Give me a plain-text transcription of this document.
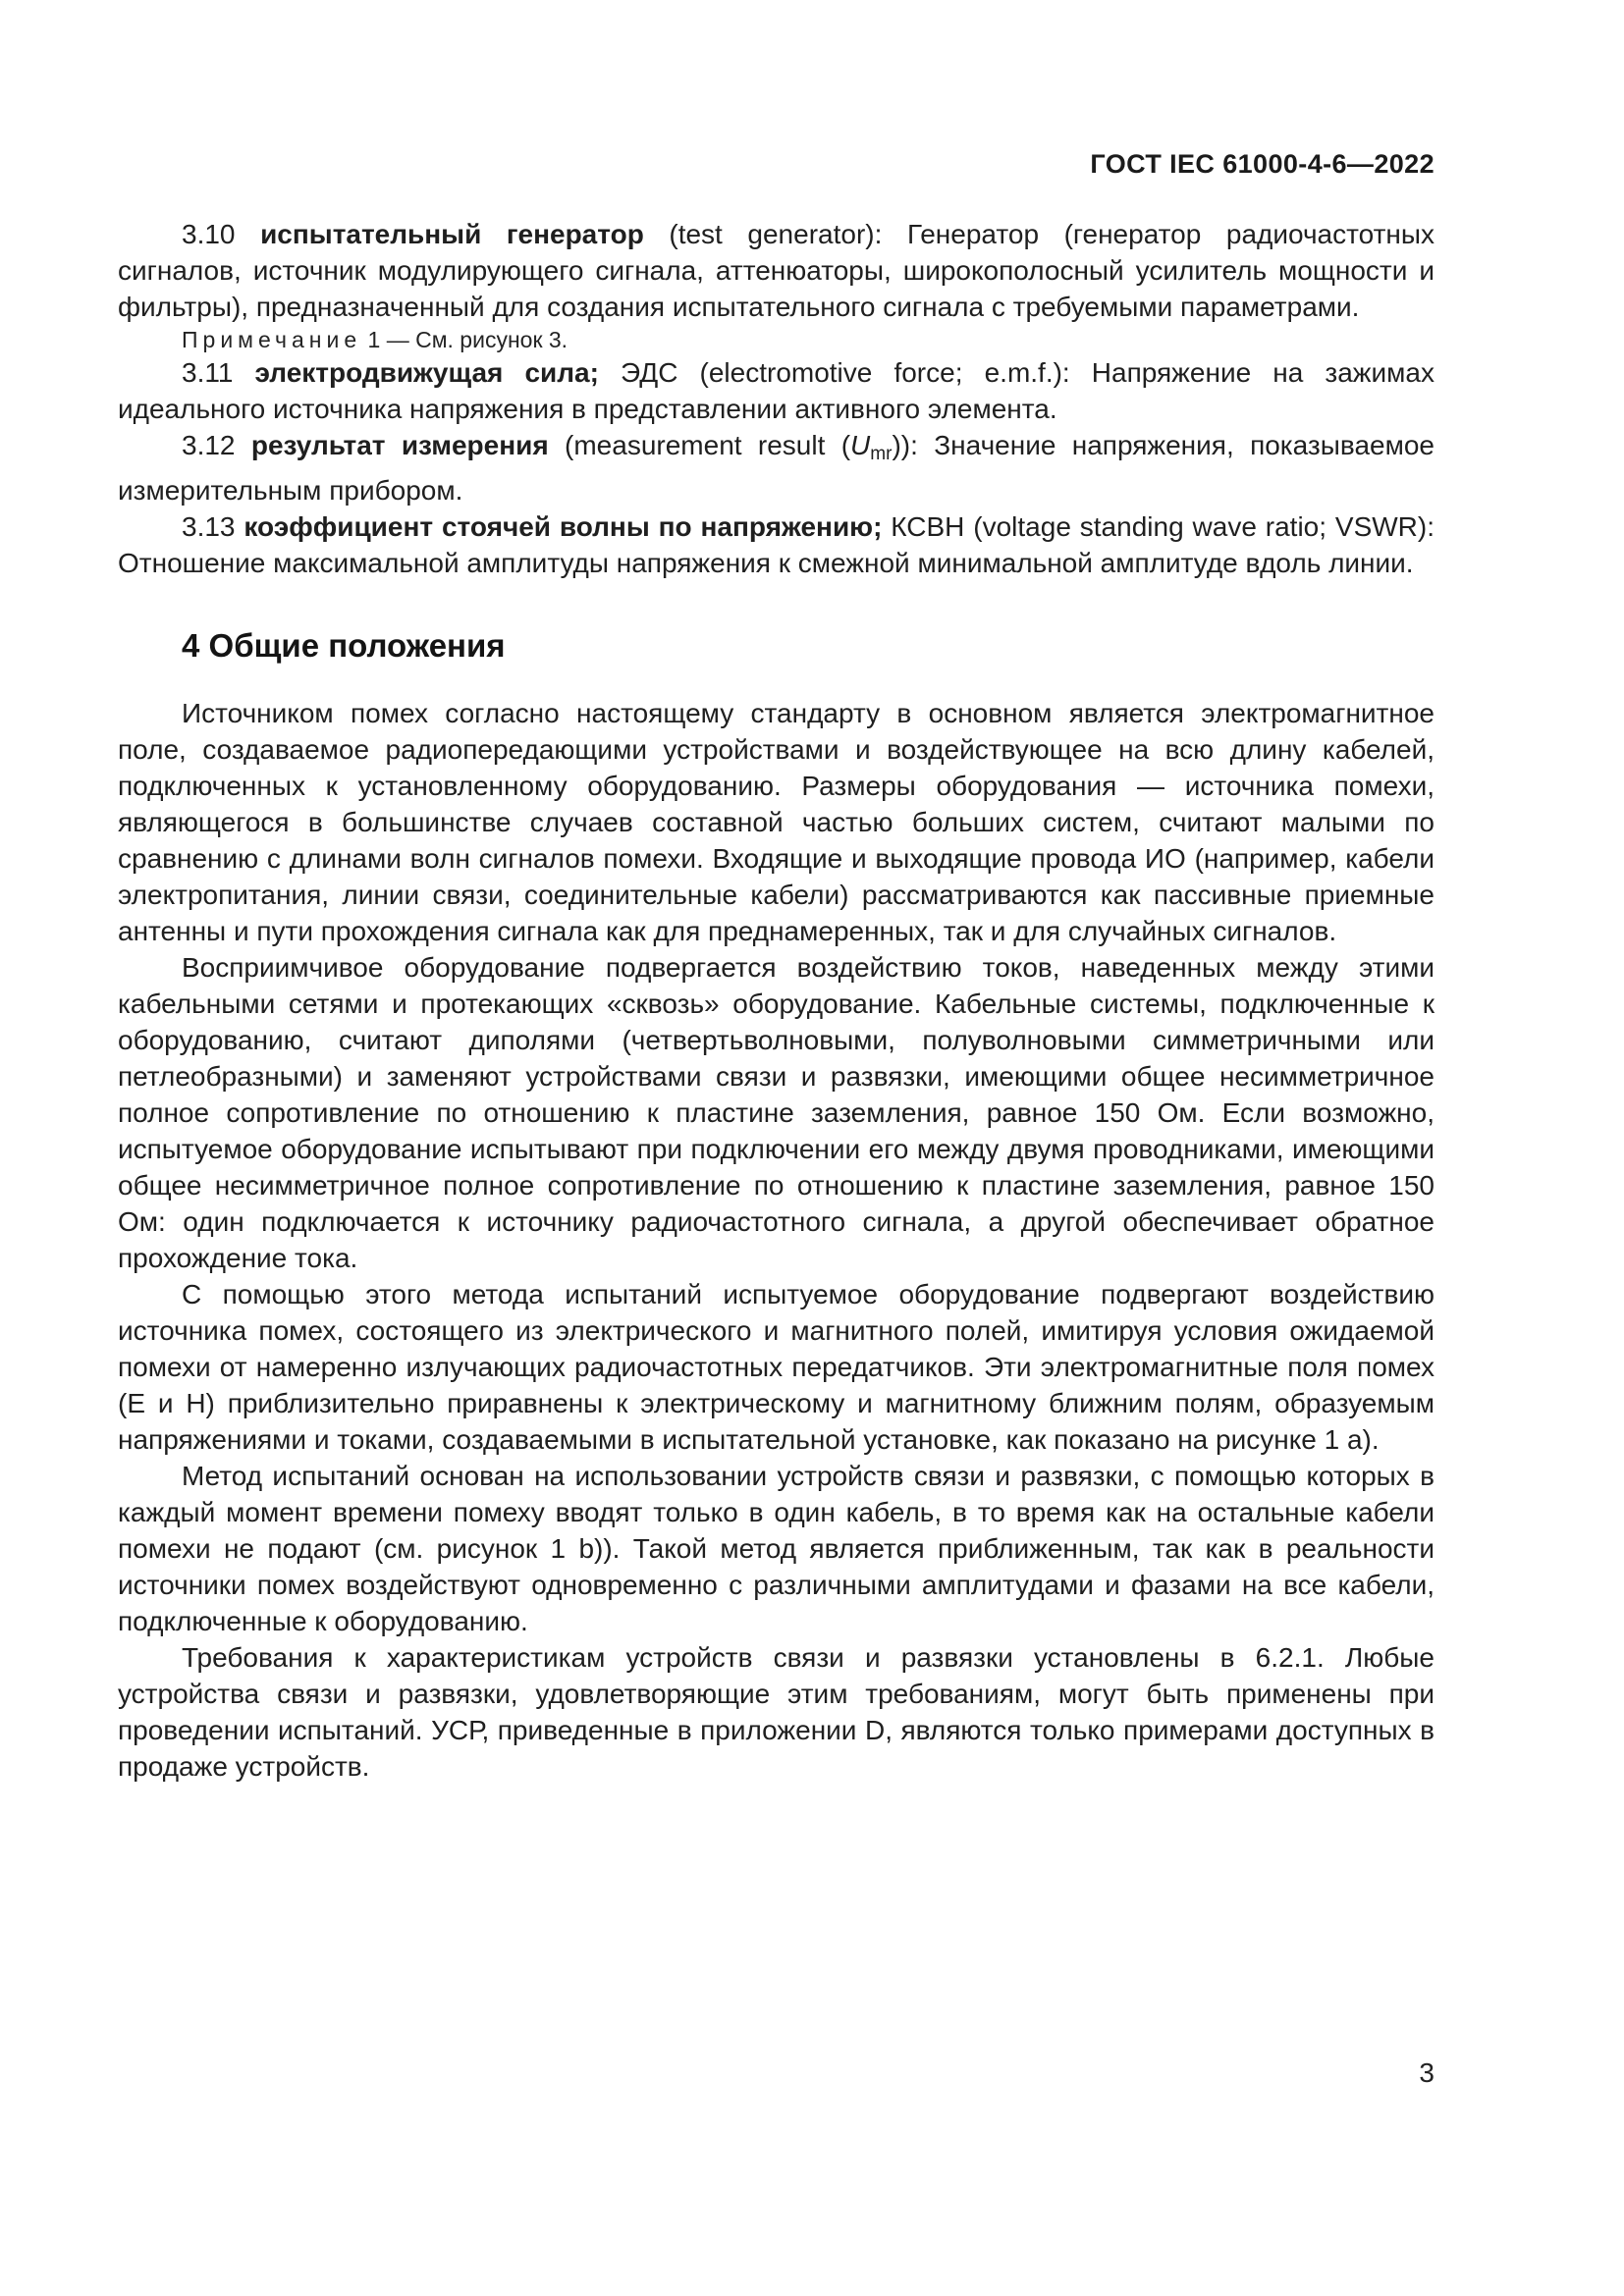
ГОСТ IEC 61000-4-6—2022

3.10 испытательный генератор (test generator): Генератор (генератор радиочастотных сигналов, источник модулирующего сигнала, аттенюаторы, широкополосный усилитель мощности и фильтры), предназначенный для создания испытательного сигнала с требуемыми параметрами.

Примечание 1 — См. рисунок 3.

3.11 электродвижущая сила; ЭДС (electromotive force; e.m.f.): Напряжение на зажимах идеального источника напряжения в представлении активного элемента.

3.12 результат измерения (measurement result $(U_{mr})$): Значение напряжения, показываемое измерительным прибором.

3.13 коэффициент стоячей волны по напряжению; КСВН (voltage standing wave ratio; VSWR): Отношение максимальной амплитуды напряжения к смежной минимальной амплитуде вдоль линии.

4 Общие положения

Источником помех согласно настоящему стандарту в основном является электромагнитное поле, создаваемое радиопередающими устройствами и воздействующее на всю длину кабелей, подключенных к установленному оборудованию. Размеры оборудования — источника помехи, являющегося в большинстве случаев составной частью больших систем, считают малыми по сравнению с длинами волн сигналов помехи. Входящие и выходящие провода ИО (например, кабели электропитания, линии связи, соединительные кабели) рассматриваются как пассивные приемные антенны и пути прохождения сигнала как для преднамеренных, так и для случайных сигналов.

Восприимчивое оборудование подвергается воздействию токов, наведенных между этими кабельными сетями и протекающих «сквозь» оборудование. Кабельные системы, подключенные к оборудованию, считают диполями (четвертьволновыми, полуволновыми симметричными или петлеобразными) и заменяют устройствами связи и развязки, имеющими общее несимметричное полное сопротивление по отношению к пластине заземления, равное 150 Ом. Если возможно, испытуемое оборудование испытывают при подключении его между двумя проводниками, имеющими общее несимметричное полное сопротивление по отношению к пластине заземления, равное 150 Ом: один подключается к источнику радиочастотного сигнала, а другой обеспечивает обратное прохождение тока.

С помощью этого метода испытаний испытуемое оборудование подвергают воздействию источника помех, состоящего из электрического и магнитного полей, имитируя условия ожидаемой помехи от намеренно излучающих радиочастотных передатчиков. Эти электромагнитные поля помех (E и H) приблизительно приравнены к электрическому и магнитному ближним полям, образуемым напряжениями и токами, создаваемыми в испытательной установке, как показано на рисунке 1 a).

Метод испытаний основан на использовании устройств связи и развязки, с помощью которых в каждый момент времени помеху вводят только в один кабель, в то время как на остальные кабели помехи не подают (см. рисунок 1 b)). Такой метод является приближенным, так как в реальности источники помех воздействуют одновременно с различными амплитудами и фазами на все кабели, подключенные к оборудованию.

Требования к характеристикам устройств связи и развязки установлены в 6.2.1. Любые устройства связи и развязки, удовлетворяющие этим требованиям, могут быть применены при проведении испытаний. УСР, приведенные в приложении D, являются только примерами доступных в продаже устройств.

3
